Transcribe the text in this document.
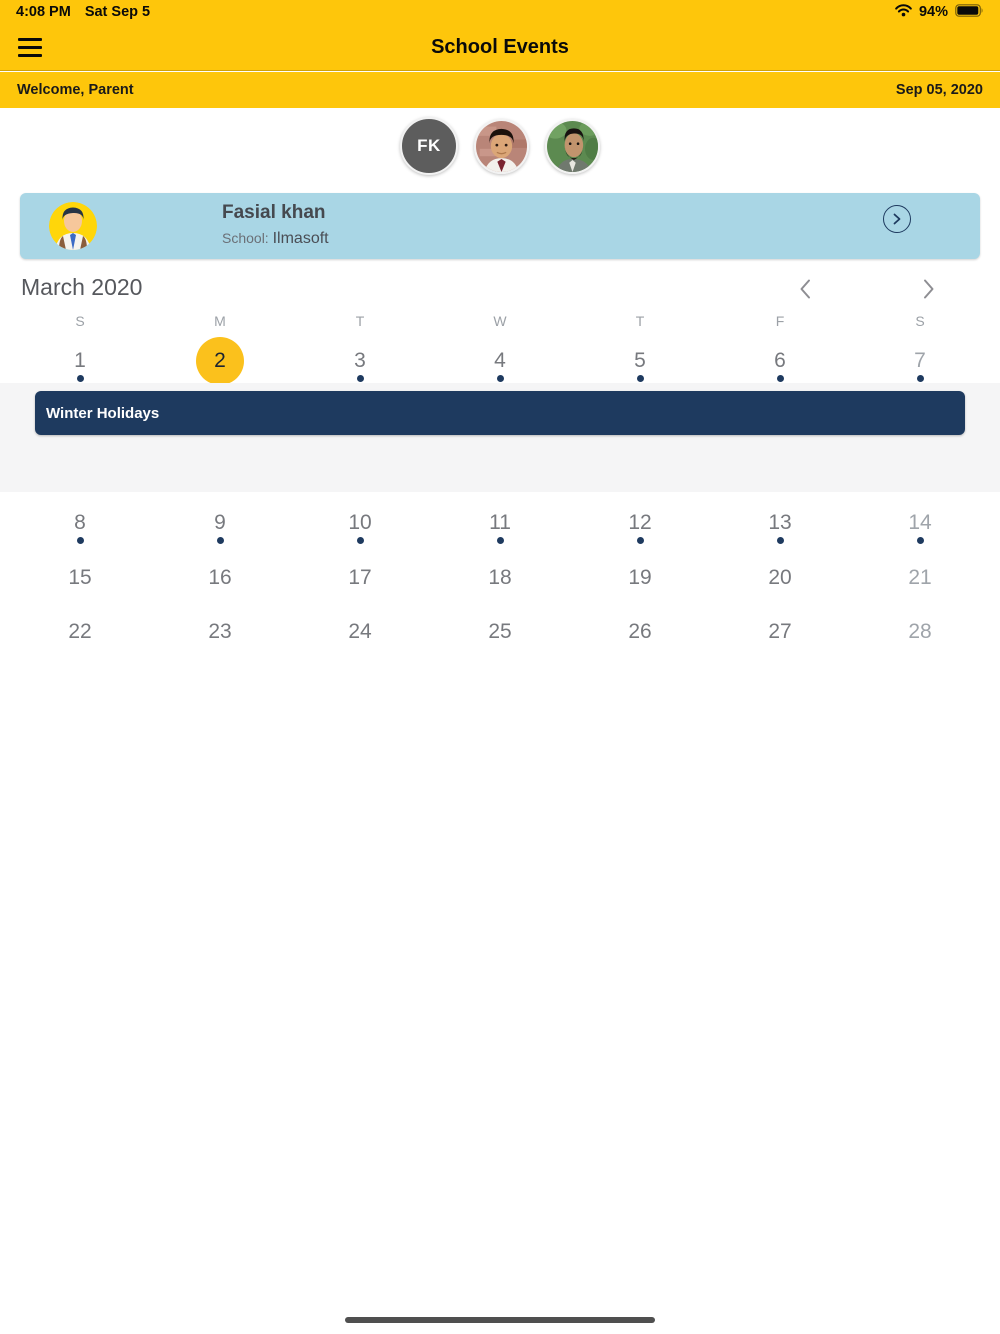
4:08 PM Sat Sep 5	94%
School Events
Welcome, Parent	Sep 05, 2020
FK
Fasial khan
School: Ilmasoft
March 2020
S	M	T	W	T	F	S
1	2	3	4	5	6	7
Winter Holidays
8	9	10	11	12	13	14
15	16	17	18	19	20	21
22	23	24	25	26	27	28
